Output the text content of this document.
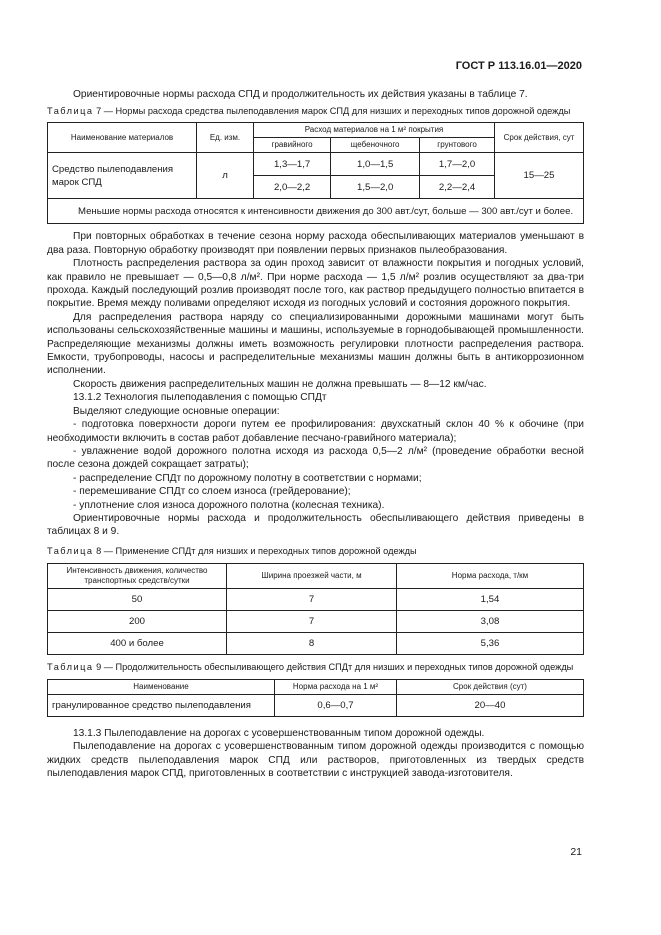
ГОСТ Р 113.16.01—2020

Ориентировочные нормы расхода СПД и продолжительность их действия указаны в таблице 7.

Таблица 7 — Нормы расхода средства пылеподавления марок СПД для низших и переходных типов дорожной одежды
Наименование материалов	Ед. изм.	Расход материалов на 1 м² покрытия			Срок действия, сут
		гравийного	щебеночного	грунтового	
Средство пылеподавления марок СПД	л	1,3—1,7	1,0—1,5	1,7—2,0	15—25
		2,0—2,2	1,5—2,0	2,2—2,4	
Меньшие нормы расхода относятся к интенсивности движения до 300 авт./сут, больше — 300 авт./сут и более.					

При повторных обработках в течение сезона норму расхода обеспыливающих материалов уменьшают в два раза. Повторную обработку производят при появлении первых признаков пылеобразования.

Плотность распределения раствора за один проход зависит от влажности покрытия и погодных условий, как правило не превышает — 0,5—0,8 л/м². При норме расхода — 1,5 л/м² розлив осуществляют за два-три прохода. Каждый последующий розлив производят после того, как раствор предыдущего полностью впитается в покрытие. Время между поливами определяют исходя из погодных условий и состояния дорожного покрытия.

Для распределения раствора наряду со специализированными дорожными машинами могут быть использованы сельскохозяйственные машины и машины, используемые в горнодобывающей промышленности. Распределяющие механизмы должны иметь возможность регулировки плотности распределения раствора. Емкости, трубопроводы, насосы и распределительные механизмы машин должны быть в антикоррозионном исполнении.

Скорость движения распределительных машин не должна превышать — 8—12 км/час.

13.1.2 Технология пылеподавления с помощью СПДт

Выделяют следующие основные операции:

- подготовка поверхности дороги путем ее профилирования: двухскатный склон 40 % к обочине (при необходимости включить в состав работ добавление песчано-гравийного материала);

- увлажнение водой дорожного полотна исходя из расхода 0,5—2 л/м² (проведение обработки весной после сезона дождей сокращает затраты);

- распределение СПДт по дорожному полотну в соответствии с нормами;

- перемешивание СПДт со слоем износа (грейдерование);

- уплотнение слоя износа дорожного полотна (колесная техника).

Ориентировочные нормы расхода и продолжительность обеспыливающего действия приведены в таблицах 8 и 9.

Таблица 8 — Применение СПДт для низших и переходных типов дорожной одежды
Интенсивность движения, количество транспортных средств/сутки	Ширина проезжей части, м	Норма расхода, т/км
50	7	1,54
200	7	3,08
400 и более	8	5,36
Таблица 9 — Продолжительность обеспыливающего действия СПДт для низших и переходных типов дорожной одежды
Наименование	Норма расхода на 1 м²	Срок действия (сут)
гранулированное средство пылеподавления	0,6—0,7	20—40

13.1.3 Пылеподавление на дорогах с усовершенствованным типом дорожной одежды.

Пылеподавление на дорогах с усовершенствованным типом дорожной одежды производится с помощью жидких средств пылеподавления марок СПД или растворов, приготовленных из твердых средств пылеподавления марок СПД, приготовленных в соответствии с инструкцией завода-изготовителя.

21
